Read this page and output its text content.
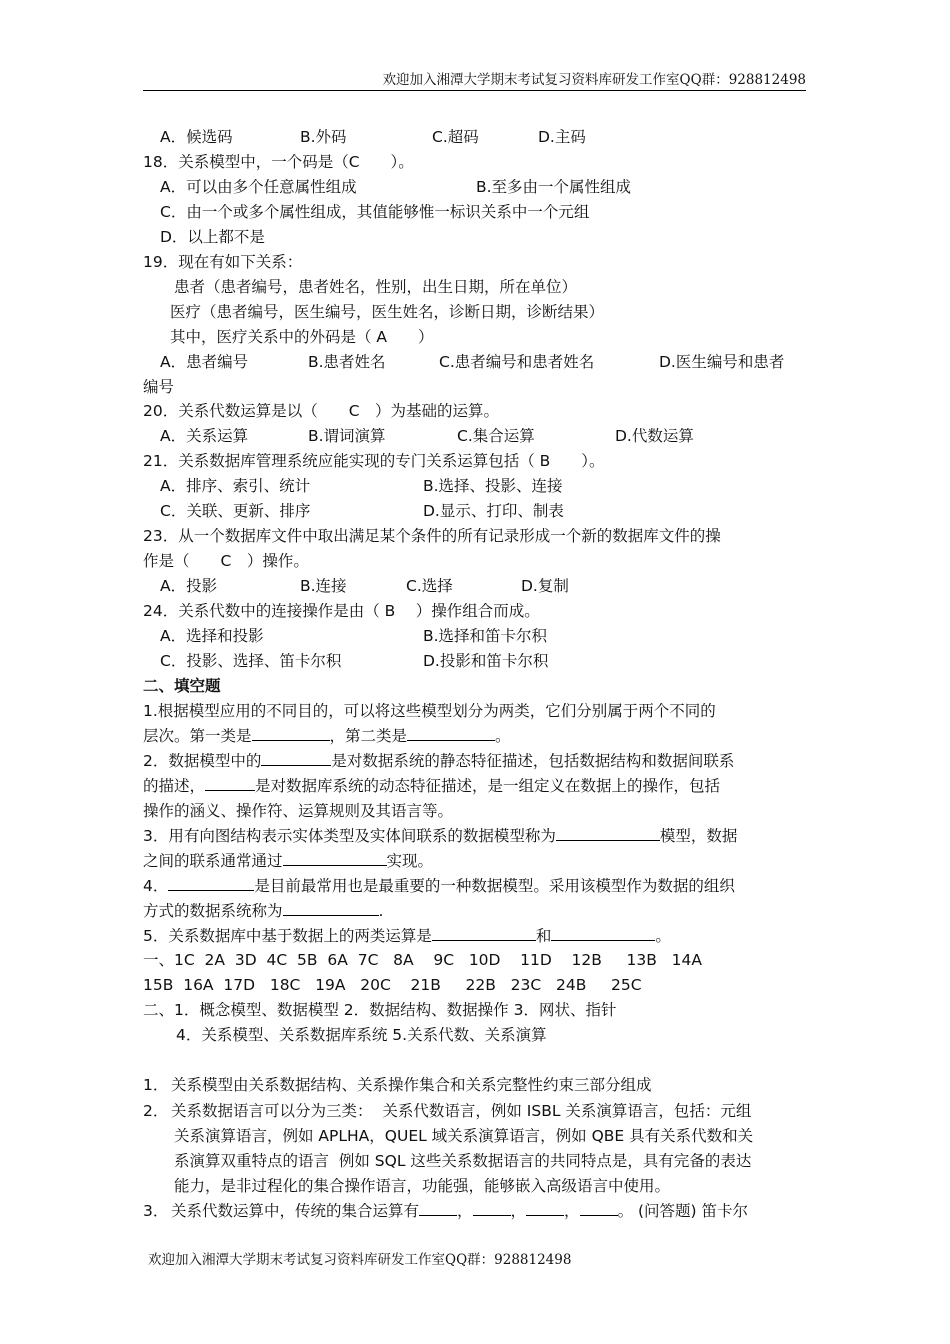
欢迎加入湘潭大学期末考试复习资料库研发工作室QQ群：928812498
A．候选码	B.外码	C.超码	D.主码
18．关系模型中，一个码是（C　　）。
A．可以由多个任意属性组成	B.至多由一个属性组成
C．由一个或多个属性组成，其值能够惟一标识关系中一个元组
D．以上都不是
19．现在有如下关系：
患者（患者编号，患者姓名，性别，出生日期，所在单位）
医疗（患者编号，医生编号，医生姓名，诊断日期，诊断结果）
其中，医疗关系中的外码是（ A　　）
A．患者编号	B.患者姓名	C.患者编号和患者姓名	D.医生编号和患者
编号
20．关系代数运算是以（　　C　）为基础的运算。
A．关系运算	B.谓词演算	C.集合运算	D.代数运算
21．关系数据库管理系统应能实现的专门关系运算包括（ B　　）。
A．排序、索引、统计	B.选择、投影、连接
C．关联、更新、排序	D.显示、打印、制表
23．从一个数据库文件中取出满足某个条件的所有记录形成一个新的数据库文件的操
作是（　　C　）操作。
A．投影	B.连接	C.选择	D.复制
24．关系代数中的连接操作是由（ B　 ）操作组合而成。
A．选择和投影	B.选择和笛卡尔积
C．投影、选择、笛卡尔积	D.投影和笛卡尔积
二、填空题
1.根据模型应用的不同目的，可以将这些模型划分为两类，它们分别属于两个不同的
层次。第一类是	，第二类是	。
2．数据模型中的	是对数据系统的静态特征描述，包括数据结构和数据间联系
的描述，	是对数据库系统的动态特征描述，是一组定义在数据上的操作，包括
操作的涵义、操作符、运算规则及其语言等。
3．用有向图结构表示实体类型及实体间联系的数据模型称为	模型，数据
之间的联系通常通过	实现。
4．	是目前最常用也是最重要的一种数据模型。采用该模型作为数据的组织
方式的数据系统称为	.
5．关系数据库中基于数据上的两类运算是	和	。
一、1C  2A  3D  4C  5B  6A  7C   8A    9C   10D    11D    12B     13B   14A
15B  16A  17D   18C   19A   20C    21B     22B   23C   24B     25C
二、1．概念模型、数据模型 2．数据结构、数据操作 3．网状、指针
4．关系模型、关系数据库系统 5.关系代数、关系演算
1． 关系模型由关系数据结构、关系操作集合和关系完整性约束三部分组成
2． 关系数据语言可以分为三类：  关系代数语言，例如 ISBL 关系演算语言，包括：元组
关系演算语言，例如 APLHA，QUEL 域关系演算语言，例如 QBE 具有关系代数和关
系演算双重特点的语言  例如 SQL 这些关系数据语言的共同特点是，具有完备的表达
能力，是非过程化的集合操作语言，功能强，能够嵌入高级语言中使用。
3． 关系代数运算中，传统的集合运算有 ， ， ， 。 (问答题) 笛卡尔
欢迎加入湘潭大学期末考试复习资料库研发工作室QQ群：928812498
